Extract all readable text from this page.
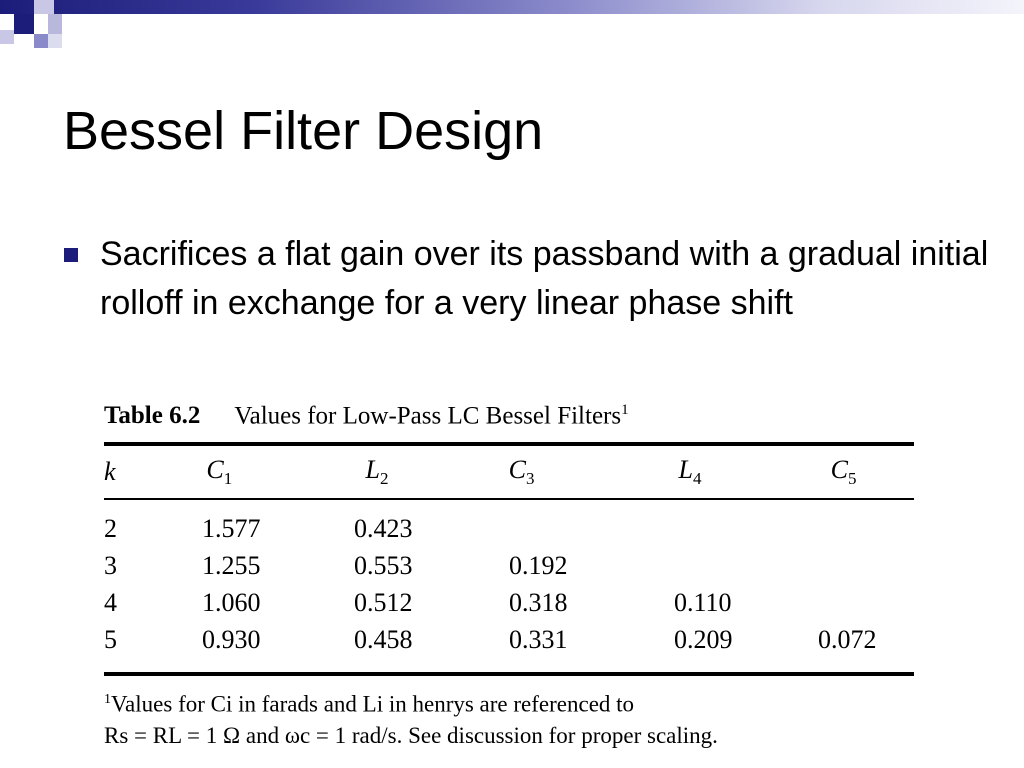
Bessel Filter Design
Sacrifices a flat gain over its passband with a gradual initial rolloff in exchange for a very linear phase shift
Table 6.2 Values for Low-Pass LC Bessel Filters$^1$
k	$C_1$	$L_2$	$C_3$	$L_4$	$C_5$
2	1.577	0.423			
3	1.255	0.553	0.192		
4	1.060	0.512	0.318	0.110	
5	0.930	0.458	0.331	0.209	0.072
$^1$Values for Ci in farads and Li in henrys are referenced to
Rs = RL = 1 Ω and ωc = 1 rad/s. See discussion for proper scaling.
